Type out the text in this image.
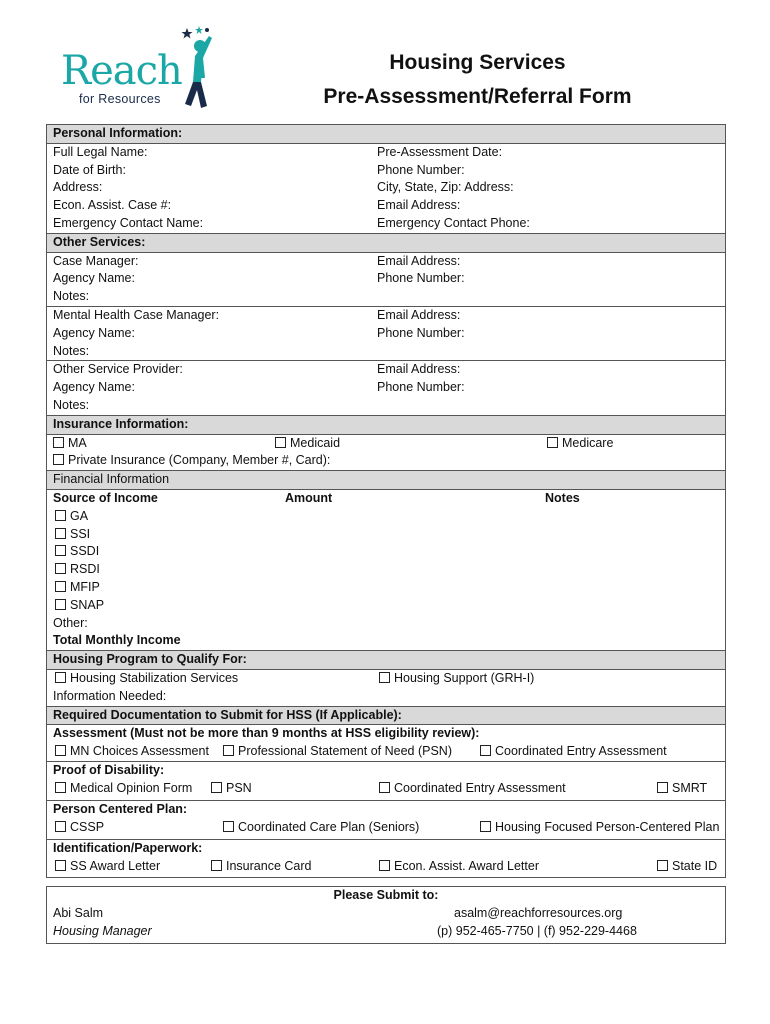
Reach
for Resources
Housing Services
Pre-Assessment/Referral Form
Personal Information:
Full Legal Name:	Pre-Assessment Date:
Date of Birth:	Phone Number:
Address:	City, State, Zip: Address:
Econ. Assist. Case #:	Email Address:
Emergency Contact Name:	Emergency Contact Phone:
Other Services:
Case Manager:	Email Address:
Agency Name:	Phone Number:
Notes:
Mental Health Case Manager:	Email Address:
Agency Name:	Phone Number:
Notes:
Other Service Provider:	Email Address:
Agency Name:	Phone Number:
Notes:
Insurance Information:
MA	Medicaid	Medicare
Private Insurance (Company, Member #, Card):
Financial Information
Source of Income	Amount	Notes
GA
SSI
SSDI
RSDI
MFIP
SNAP
Other:
Total Monthly Income
Housing Program to Qualify For:
Housing Stabilization Services	Housing Support (GRH-I)
Information Needed:
Required Documentation to Submit for HSS (If Applicable):
Assessment (Must not be more than 9 months at HSS eligibility review):
MN Choices Assessment	Professional Statement of Need (PSN)	Coordinated Entry Assessment
Proof of Disability:
Medical Opinion Form	PSN	Coordinated Entry Assessment	SMRT
Person Centered Plan:
CSSP	Coordinated Care Plan (Seniors)	Housing Focused Person-Centered Plan
Identification/Paperwork:
SS Award Letter	Insurance Card	Econ. Assist. Award Letter	State ID
Please Submit to:
Abi Salm	asalm@reachforresources.org
Housing Manager	(p) 952-465-7750 | (f) 952-229-4468
